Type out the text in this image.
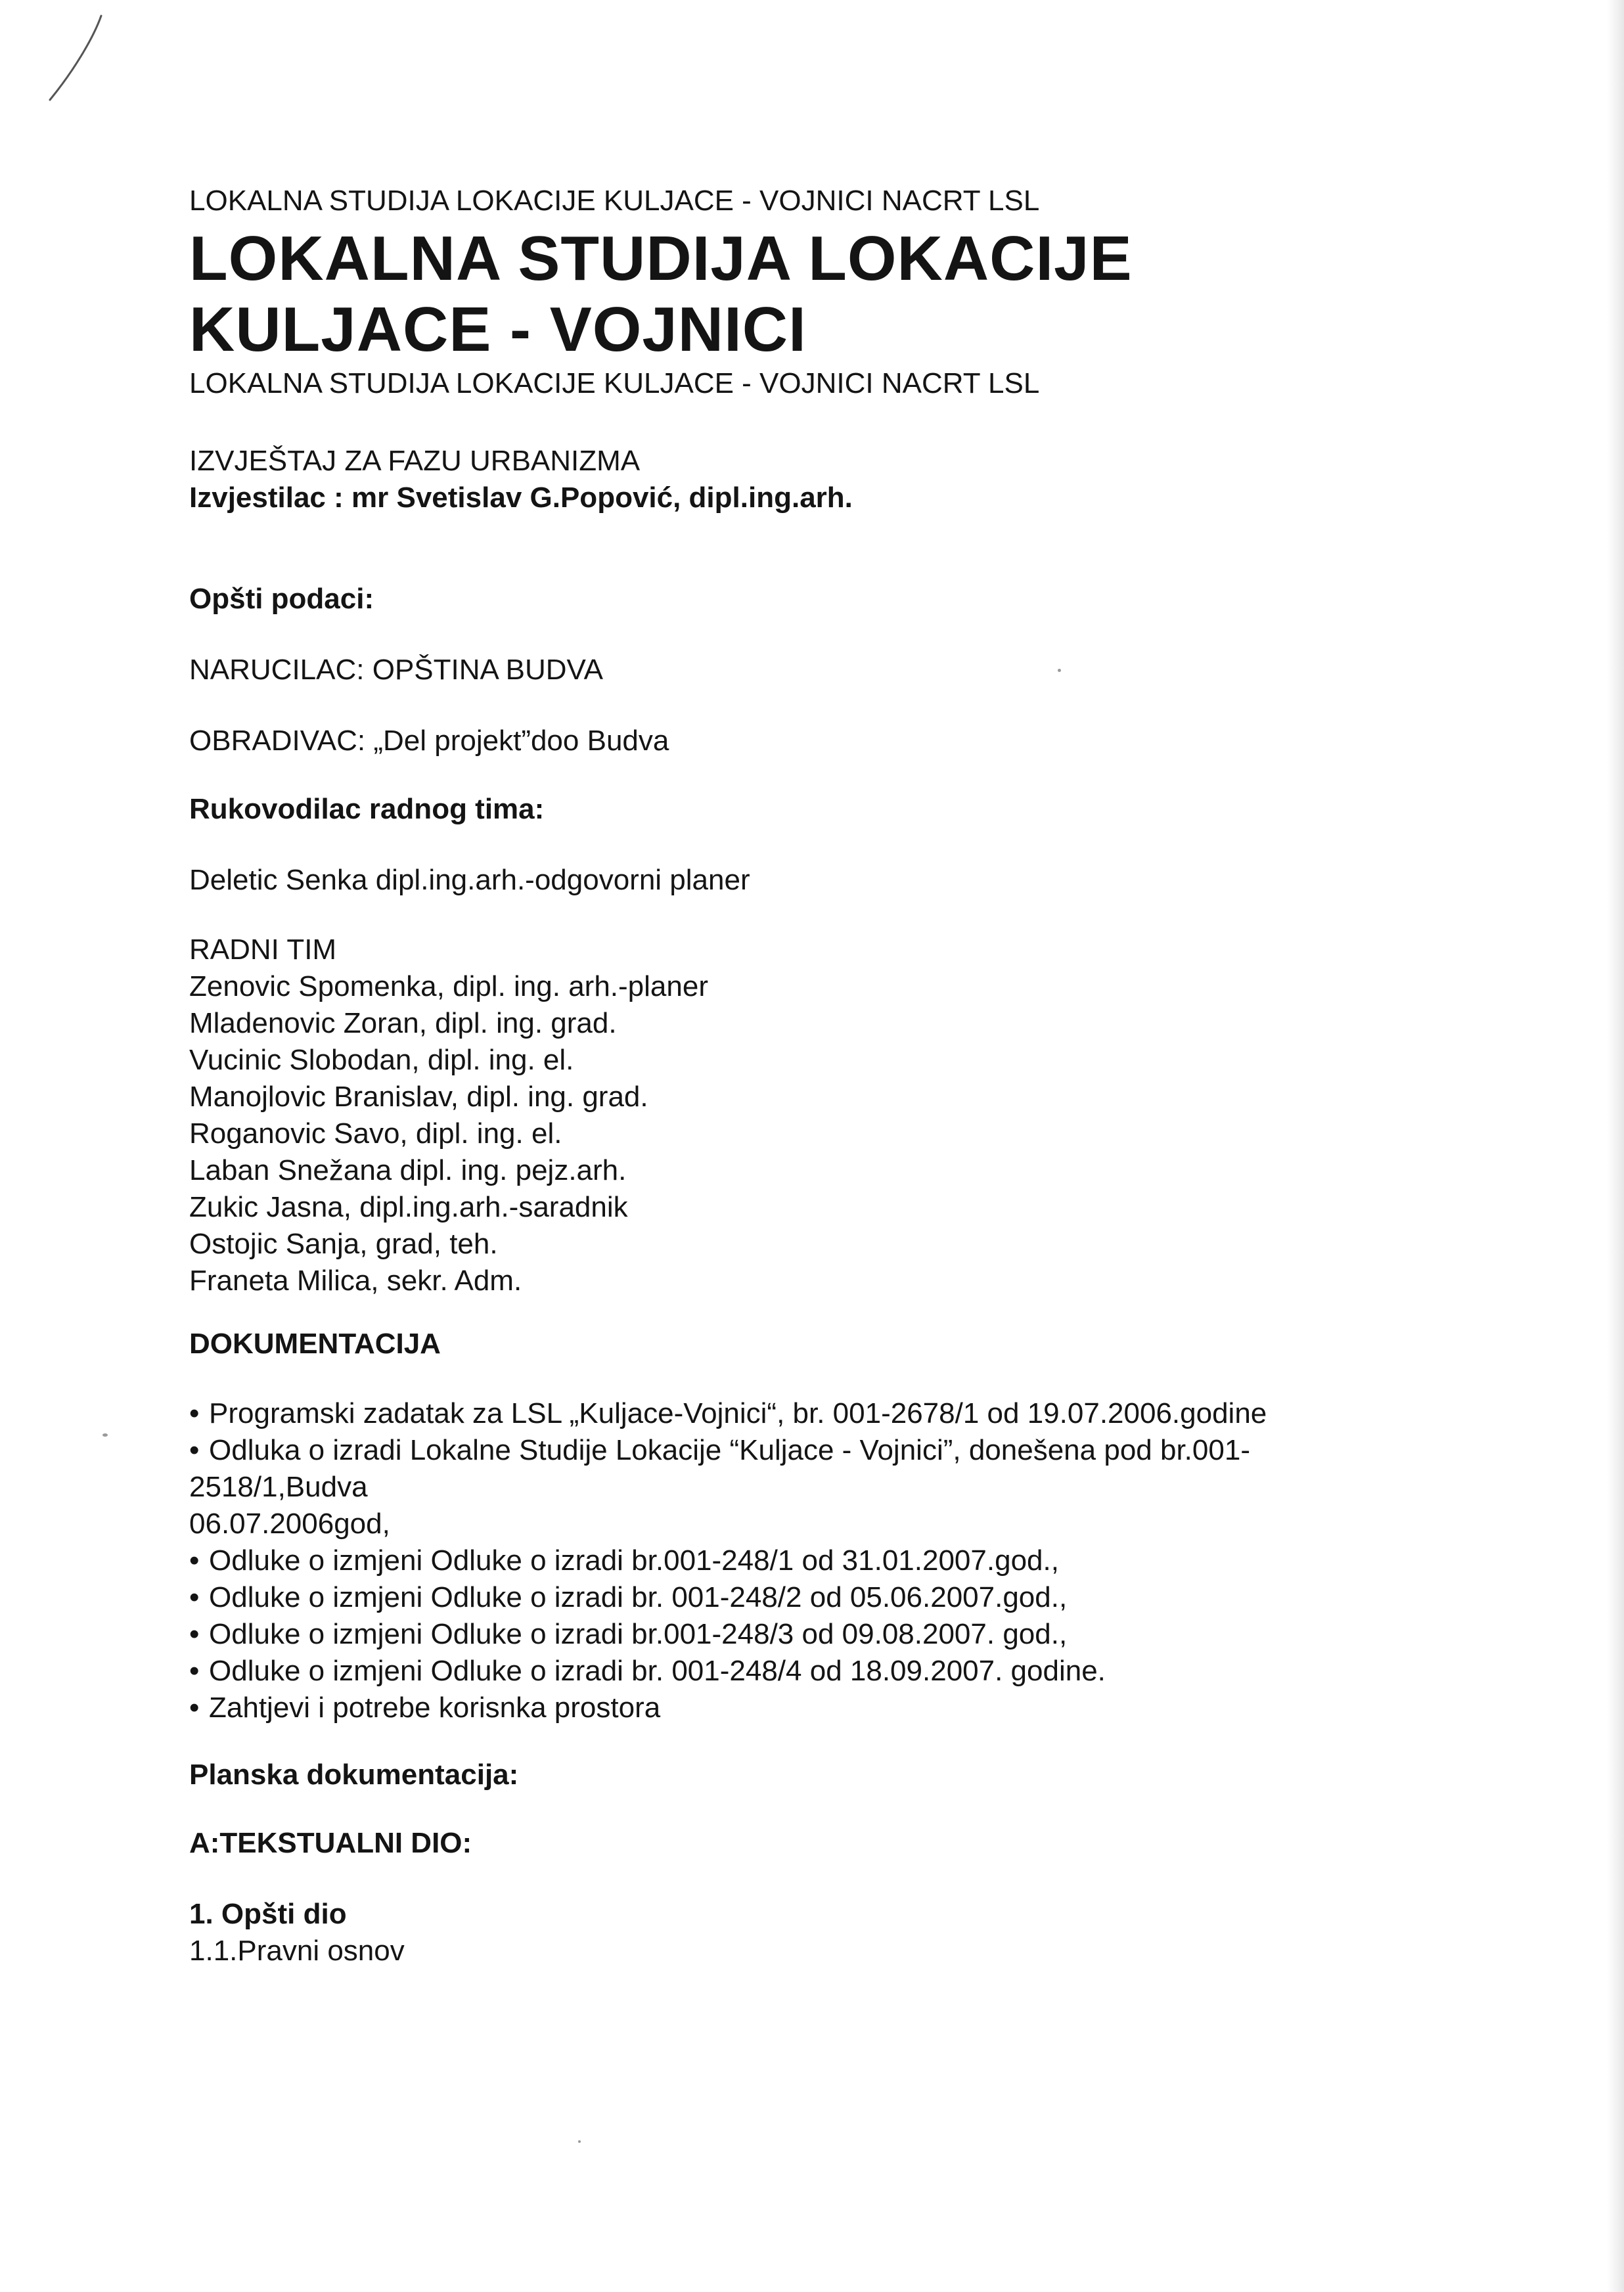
LOKALNA STUDIJA LOKACIJE KULJACE - VOJNICI NACRT LSL
LOKALNA STUDIJA LOKACIJE
KULJACE - VOJNICI
LOKALNA STUDIJA LOKACIJE KULJACE - VOJNICI NACRT LSL
IZVJEŠTAJ ZA FAZU URBANIZMA
Izvjestilac : mr Svetislav G.Popović, dipl.ing.arh.
Opšti podaci:
NARUCILAC: OPŠTINA BUDVA
OBRADIVAC: „Del projekt”doo Budva
Rukovodilac radnog tima:
Deletic Senka dipl.ing.arh.-odgovorni planer
RADNI TIM
Zenovic Spomenka, dipl. ing. arh.-planer
Mladenovic Zoran, dipl. ing. grad.
Vucinic Slobodan, dipl. ing. el.
Manojlovic Branislav, dipl. ing. grad.
Roganovic Savo, dipl. ing. el.
Laban Snežana dipl. ing. pejz.arh.
Zukic Jasna, dipl.ing.arh.-saradnik
Ostojic Sanja, grad, teh.
Franeta Milica, sekr. Adm.
DOKUMENTACIJA
• Programski zadatak za LSL „Kuljace-Vojnici“, br. 001-2678/1 od 19.07.2006.godine
• Odluka o izradi Lokalne Studije Lokacije “Kuljace - Vojnici”, donešena pod br.001-
2518/1,Budva
06.07.2006god,
• Odluke o izmjeni Odluke o izradi br.001-248/1 od 31.01.2007.god.,
• Odluke o izmjeni Odluke o izradi br. 001-248/2 od 05.06.2007.god.,
• Odluke o izmjeni Odluke o izradi br.001-248/3 od 09.08.2007. god.,
• Odluke o izmjeni Odluke o izradi br. 001-248/4 od 18.09.2007. godine.
• Zahtjevi i potrebe korisnka prostora
Planska dokumentacija:
A:TEKSTUALNI DIO:
1. Opšti dio
1.1.Pravni osnov
